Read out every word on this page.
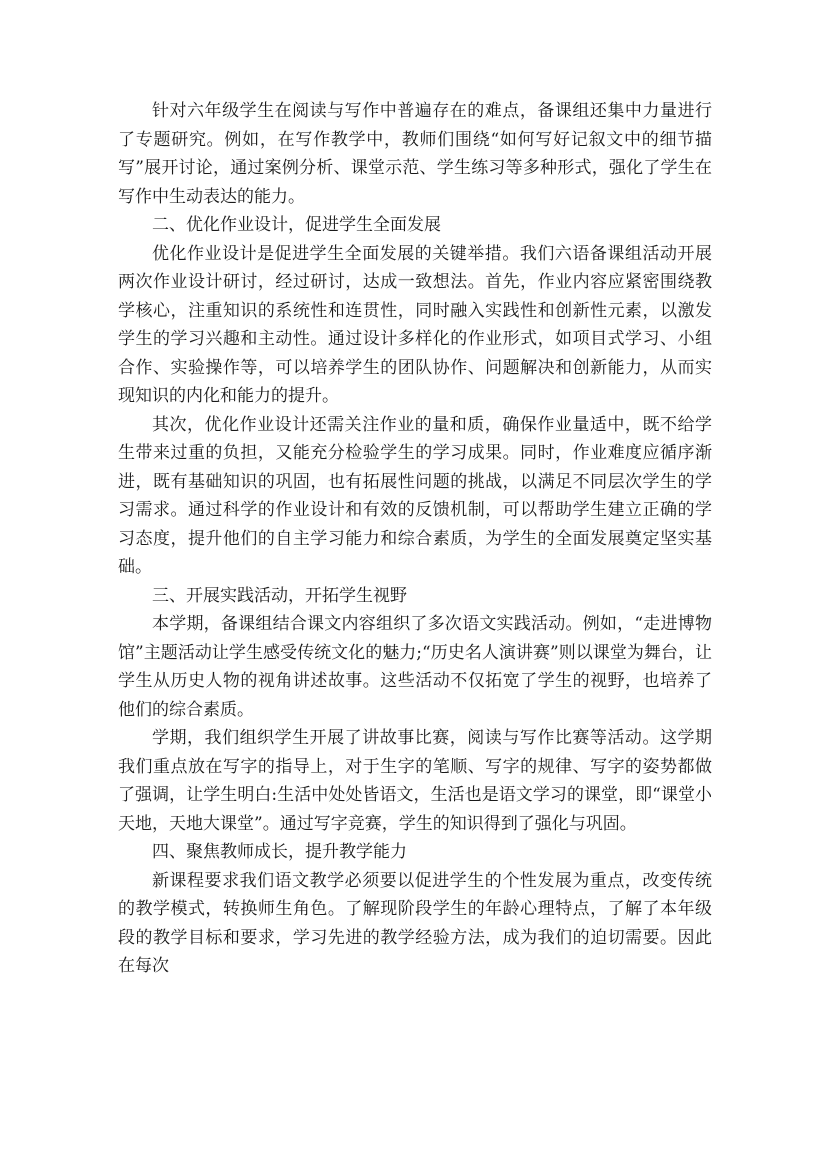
针对六年级学生在阅读与写作中普遍存在的难点，备课组还集中力量进行了专题研究。例如，在写作教学中，教师们围绕“如何写好记叙文中的细节描写”展开讨论，通过案例分析、课堂示范、学生练习等多种形式，强化了学生在写作中生动表达的能力。

二、优化作业设计，促进学生全面发展

优化作业设计是促进学生全面发展的关键举措。我们六语备课组活动开展两次作业设计研讨，经过研讨，达成一致想法。首先，作业内容应紧密围绕教学核心，注重知识的系统性和连贯性，同时融入实践性和创新性元素，以激发学生的学习兴趣和主动性。通过设计多样化的作业形式，如项目式学习、小组合作、实验操作等，可以培养学生的团队协作、问题解决和创新能力，从而实现知识的内化和能力的提升。

其次，优化作业设计还需关注作业的量和质，确保作业量适中，既不给学生带来过重的负担，又能充分检验学生的学习成果。同时，作业难度应循序渐进，既有基础知识的巩固，也有拓展性问题的挑战，以满足不同层次学生的学习需求。通过科学的作业设计和有效的反馈机制，可以帮助学生建立正确的学习态度，提升他们的自主学习能力和综合素质，为学生的全面发展奠定坚实基础。

三、开展实践活动，开拓学生视野

本学期，备课组结合课文内容组织了多次语文实践活动。例如，“走进博物馆”主题活动让学生感受传统文化的魅力;“历史名人演讲赛”则以课堂为舞台，让学生从历史人物的视角讲述故事。这些活动不仅拓宽了学生的视野，也培养了他们的综合素质。

学期，我们组织学生开展了讲故事比赛，阅读与写作比赛等活动。这学期我们重点放在写字的指导上，对于生字的笔顺、写字的规律、写字的姿势都做了强调，让学生明白:生活中处处皆语文，生活也是语文学习的课堂，即“课堂小天地，天地大课堂”。通过写字竞赛，学生的知识得到了强化与巩固。

四、聚焦教师成长，提升教学能力

新课程要求我们语文教学必须要以促进学生的个性发展为重点，改变传统的教学模式，转换师生角色。了解现阶段学生的年龄心理特点，了解了本年级段的教学目标和要求，学习先进的教学经验方法，成为我们的迫切需要。因此在每次
